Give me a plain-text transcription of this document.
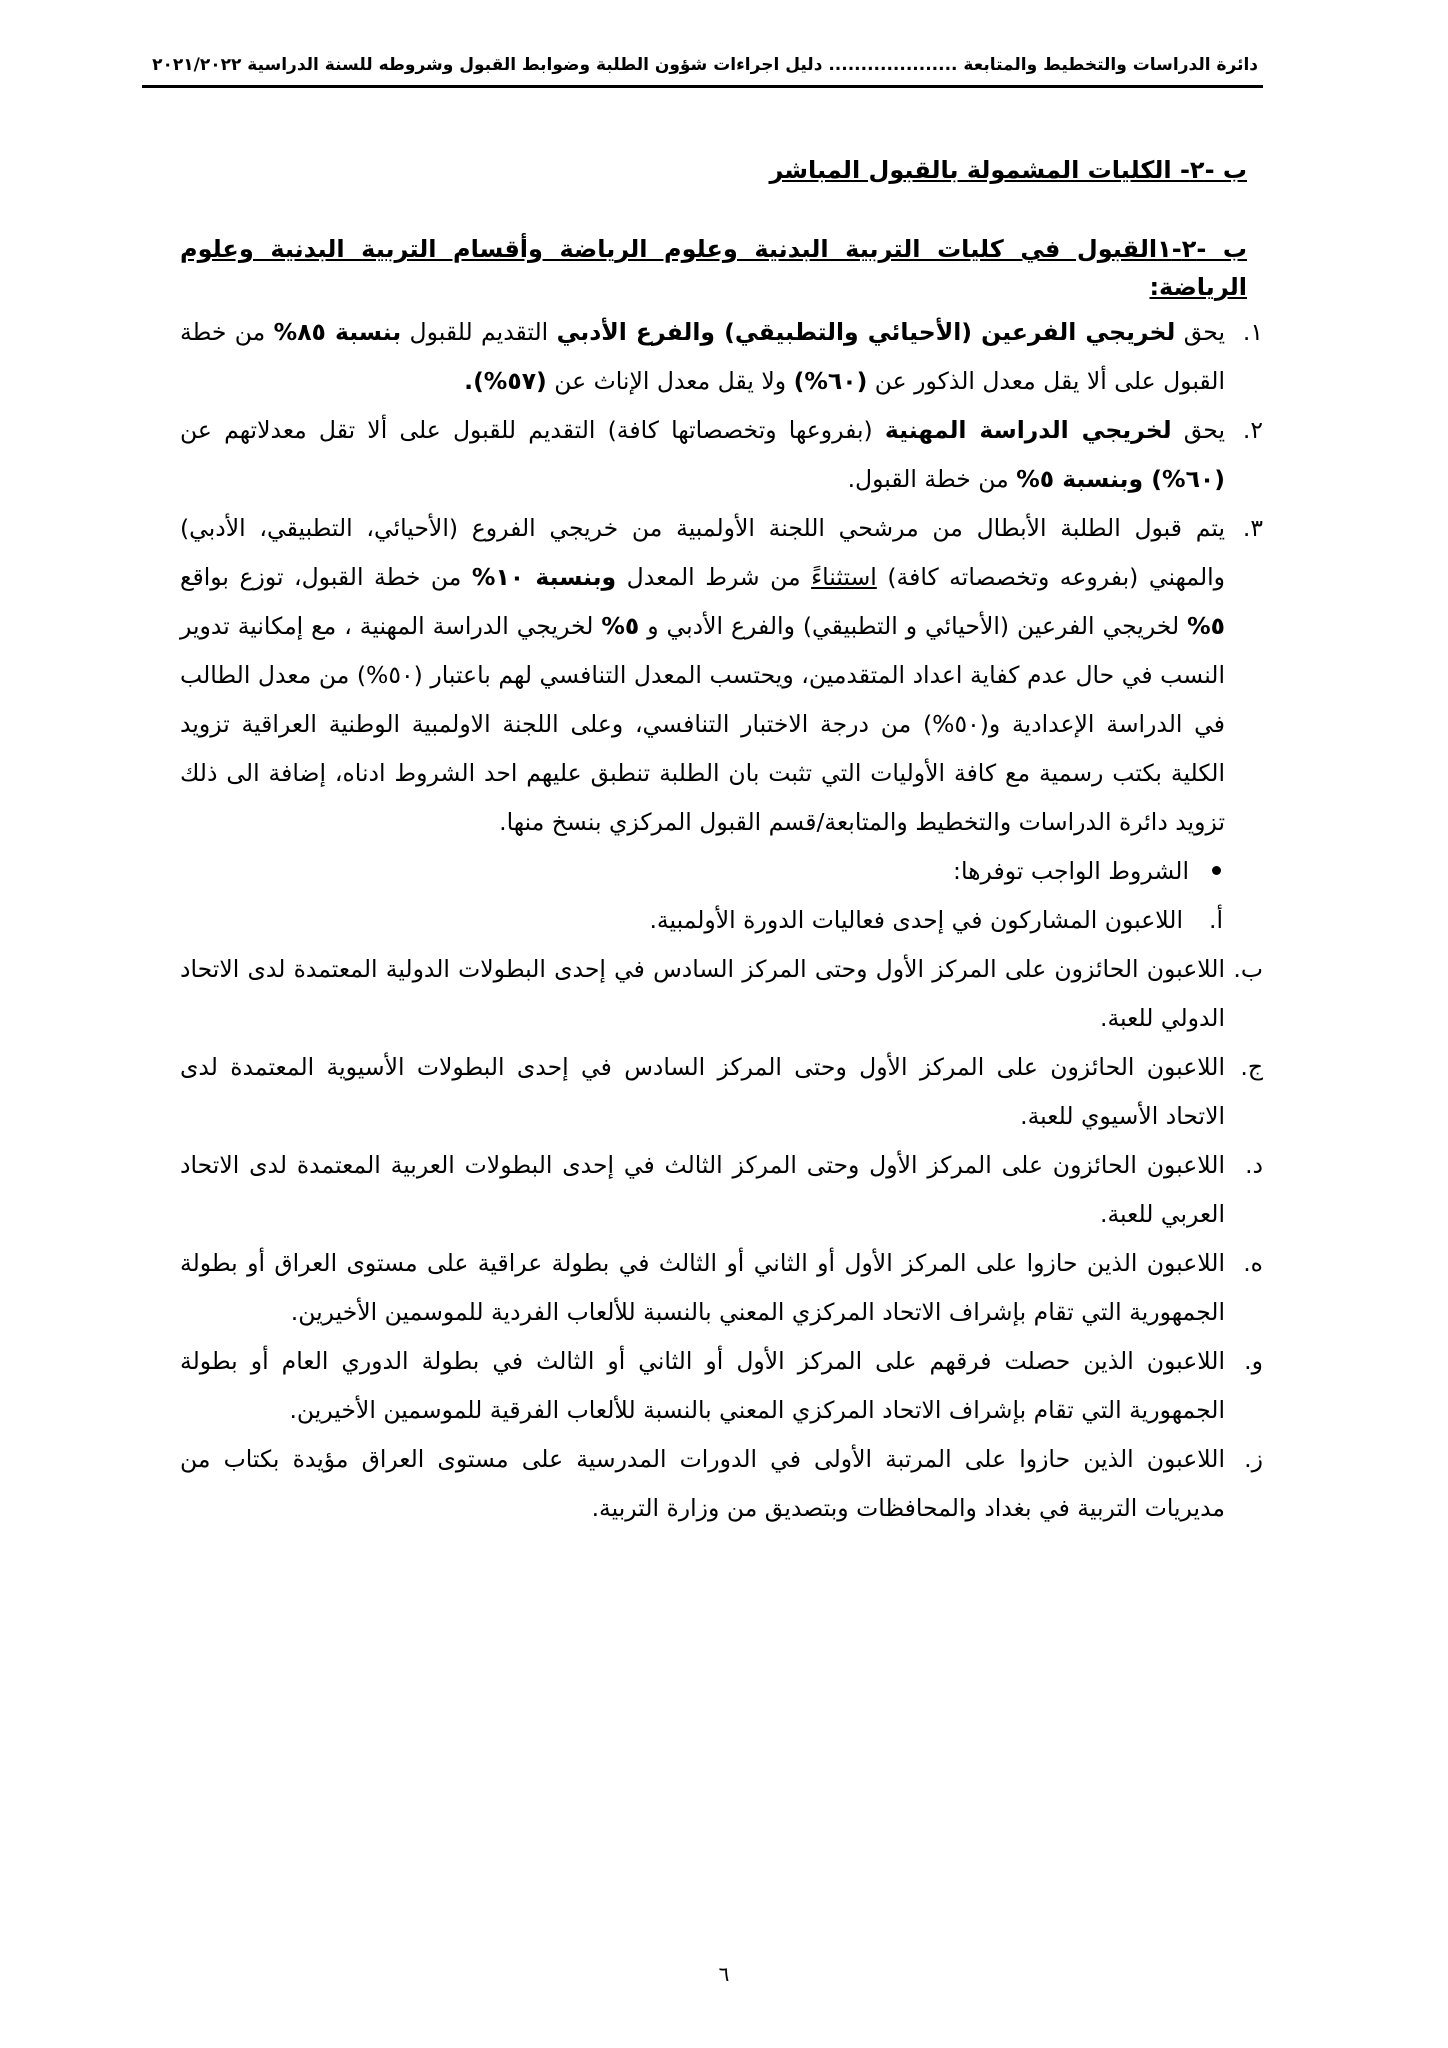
دائرة الدراسات والتخطيط والمتابعة .................... دليل اجراءات شؤون الطلبة وضوابط القبول وشروطه للسنة الدراسية ٢٠٢١/٢٠٢٢
ب -٢- الكليات المشمولة بالقبول المباشر
ب -٢-١القبول في كليات التربية البدنية وعلوم الرياضة وأقسام التربية البدنية وعلوم الرياضة:
١.
يحق لخريجي الفرعين (الأحيائي والتطبيقي) والفرع الأدبي التقديم للقبول بنسبة ٨٥% من خطة القبول على ألا يقل معدل الذكور عن (٦٠%) ولا يقل معدل الإناث عن (٥٧%).
٢.
يحق لخريجي الدراسة المهنية (بفروعها وتخصصاتها كافة) التقديم للقبول على ألا تقل معدلاتهم عن (٦٠%) وبنسبة ٥% من خطة القبول.
٣.
يتم قبول الطلبة الأبطال من مرشحي اللجنة الأولمبية من خريجي الفروع (الأحيائي، التطبيقي، الأدبي) والمهني (بفروعه وتخصصاته كافة) استثناءً من شرط المعدل وبنسبة ١٠% من خطة القبول، توزع بواقع ٥% لخريجي الفرعين (الأحيائي و التطبيقي) والفرع الأدبي و ٥% لخريجي الدراسة المهنية ، مع إمكانية تدوير النسب في حال عدم كفاية اعداد المتقدمين، ويحتسب المعدل التنافسي لهم باعتبار (٥٠%) من معدل الطالب في الدراسة الإعدادية و(٥٠%) من درجة الاختبار التنافسي، وعلى اللجنة الاولمبية الوطنية العراقية تزويد الكلية بكتب رسمية مع كافة الأوليات التي تثبت بان الطلبة تنطبق عليهم احد الشروط ادناه، إضافة الى ذلك تزويد دائرة الدراسات والتخطيط والمتابعة/قسم القبول المركزي بنسخ منها.
الشروط الواجب توفرها:
أ.
اللاعبون المشاركون في إحدى فعاليات الدورة الأولمبية.
ب.
اللاعبون الحائزون على المركز الأول وحتى المركز السادس في إحدى البطولات الدولية المعتمدة لدى الاتحاد الدولي للعبة.
ج.
اللاعبون الحائزون على المركز الأول وحتى المركز السادس في إحدى البطولات الأسيوية المعتمدة لدى الاتحاد الأسيوي للعبة.
د.
اللاعبون الحائزون على المركز الأول وحتى المركز الثالث في إحدى البطولات العربية المعتمدة لدى الاتحاد العربي للعبة.
ه.
اللاعبون الذين حازوا على المركز الأول أو الثاني أو الثالث في بطولة عراقية على مستوى العراق أو بطولة الجمهورية التي تقام بإشراف الاتحاد المركزي المعني بالنسبة للألعاب الفردية للموسمين الأخيرين.
و.
اللاعبون الذين حصلت فرقهم على المركز الأول أو الثاني أو الثالث في بطولة الدوري العام أو بطولة الجمهورية التي تقام بإشراف الاتحاد المركزي المعني بالنسبة للألعاب الفرقية للموسمين الأخيرين.
ز.
اللاعبون الذين حازوا على المرتبة الأولى في الدورات المدرسية على مستوى العراق مؤيدة بكتاب من مديريات التربية في بغداد والمحافظات وبتصديق من وزارة التربية.
٦
